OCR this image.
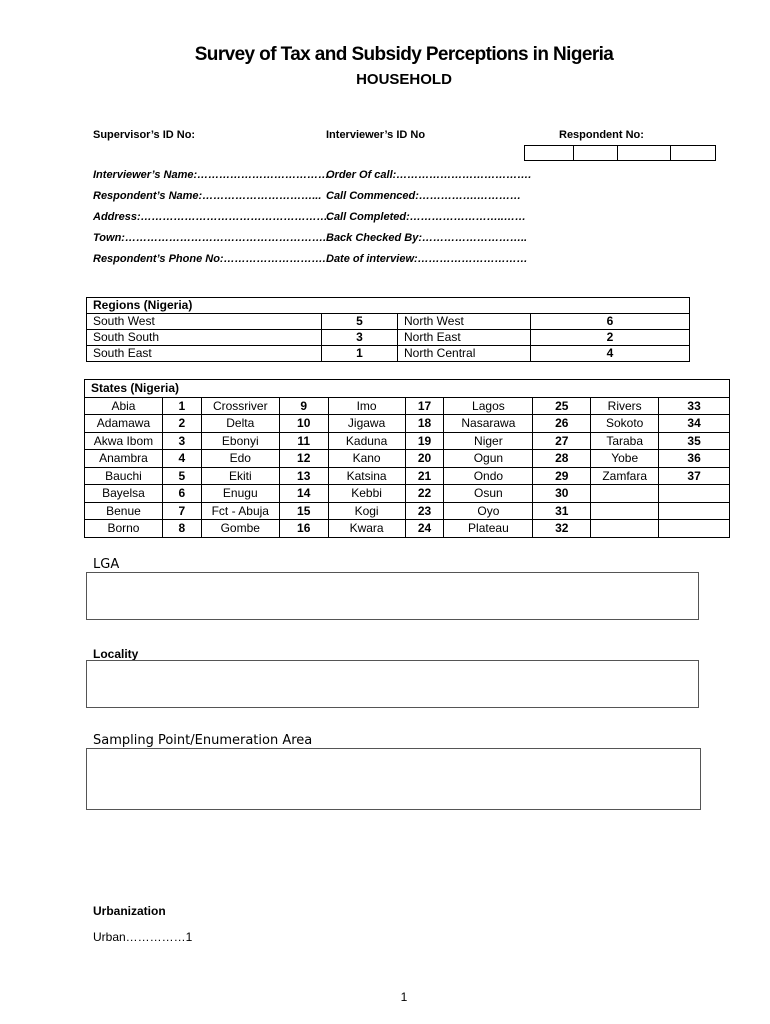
Survey of Tax and Subsidy Perceptions in Nigeria
HOUSEHOLD
Supervisor’s ID No:	Interviewer’s ID No	Respondent No:
Interviewer’s Name:……………………………….
Respondent’s Name:…………………………...
Address:…………………………………………….
Town:……………………………………………….
Respondent’s Phone No:……………………….
Order Of call:……………………………….
Call Commenced:…………….…………
Call Completed:……………………..……
Back Checked By:………………………..
Date of interview:…………………………
Regions (Nigeria)			
South West	5	North West	6
South South	3	North East	2
South East	1	North Central	4
States (Nigeria)									
Abia	1	Crossriver	9	Imo	17	Lagos	25	Rivers	33
Adamawa	2	Delta	10	Jigawa	18	Nasarawa	26	Sokoto	34
Akwa Ibom	3	Ebonyi	11	Kaduna	19	Niger	27	Taraba	35
Anambra	4	Edo	12	Kano	20	Ogun	28	Yobe	36
Bauchi	5	Ekiti	13	Katsina	21	Ondo	29	Zamfara	37
Bayelsa	6	Enugu	14	Kebbi	22	Osun	30		
Benue	7	Fct - Abuja	15	Kogi	23	Oyo	31		
Borno	8	Gombe	16	Kwara	24	Plateau	32		
LGA
Locality
Sampling Point/Enumeration Area
Urbanization
Urban……………1
1
